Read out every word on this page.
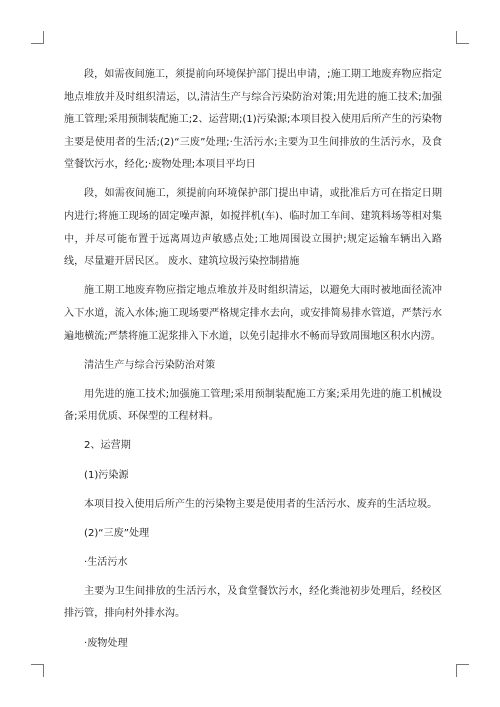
段，如需夜间施工，须提前向环境保护部门提出申请，;施工期工地废弃物应指定地点堆放并及时组织清运，以,清洁生产与综合污染防治对策;用先进的施工技术;加强施工管理;采用预制装配施工;2、运营期;(1)污染源;本项目投入使用后所产生的污染物主要是使用者的生活;(2)“三废”处理;·生活污水;主要为卫生间排放的生活污水，及食堂餐饮污水，经化;·废物处理;本项目平均日

段，如需夜间施工，须提前向环境保护部门提出申请，或批准后方可在指定日期内进行;将施工现场的固定噪声源，如搅拌机(车)、临时加工车间、建筑料场等相对集中，并尽可能布置于远离周边声敏感点处;工地周围设立围护;规定运输车辆出入路线，尽量避开居民区。 废水、建筑垃圾污染控制措施

施工期工地废弃物应指定地点堆放并及时组织清运，以避免大雨时被地面径流冲入下水道，流入水体;施工现场要严格规定排水去向，或安排简易排水管道，严禁污水遍地横流;严禁将施工泥浆排入下水道，以免引起排水不畅而导致周围地区积水内涝。

清洁生产与综合污染防治对策

用先进的施工技术;加强施工管理;采用预制装配施工方案;采用先进的施工机械设备;采用优质、环保型的工程材料。

2、运营期

(1)污染源

本项目投入使用后所产生的污染物主要是使用者的生活污水、废弃的生活垃圾。

(2)“三废”处理

·生活污水

主要为卫生间排放的生活污水，及食堂餐饮污水，经化粪池初步处理后，经校区排污管，排向村外排水沟。

·废物处理
